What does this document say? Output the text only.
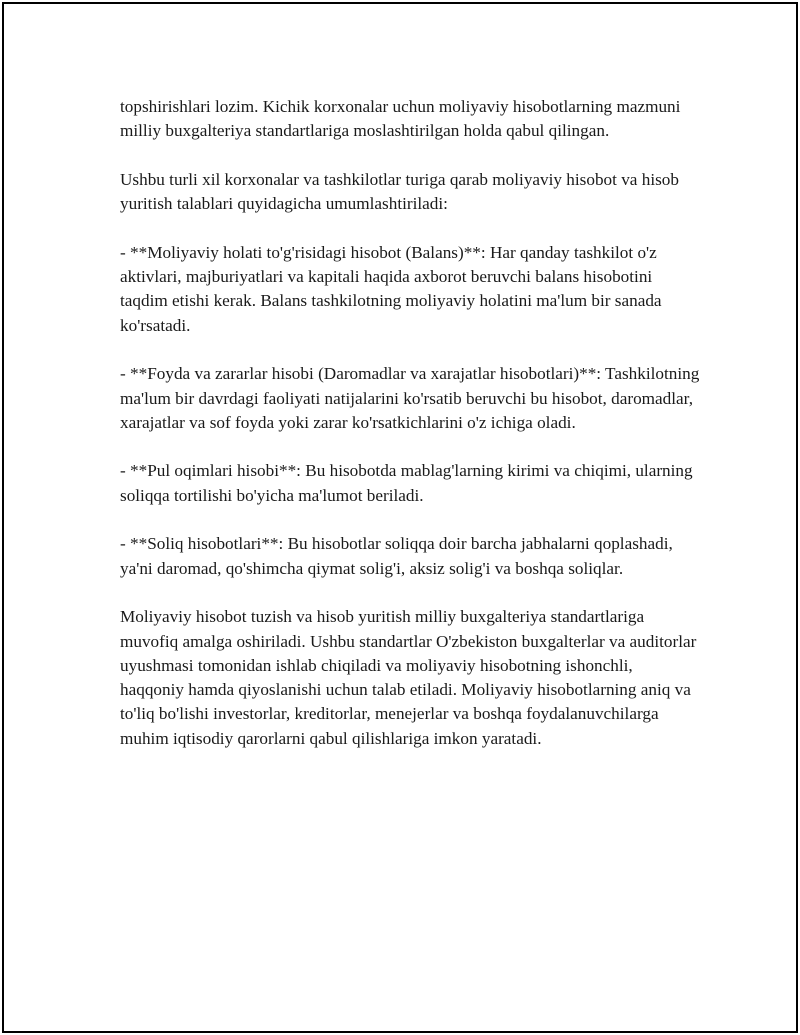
topshirishlari lozim. Kichik korxonalar uchun moliyaviy hisobotlarning mazmuni milliy buxgalteriya standartlariga moslashtirilgan holda qabul qilingan.

Ushbu turli xil korxonalar va tashkilotlar turiga qarab moliyaviy hisobot va hisob yuritish talablari quyidagicha umumlashtiriladi:

- **Moliyaviy holati to'g'risidagi hisobot (Balans)**: Har qanday tashkilot o'z aktivlari, majburiyatlari va kapitali haqida axborot beruvchi balans hisobotini taqdim etishi kerak. Balans tashkilotning moliyaviy holatini ma'lum bir sanada ko'rsatadi.

- **Foyda va zararlar hisobi (Daromadlar va xarajatlar hisobotlari)**: Tashkilotning ma'lum bir davrdagi faoliyati natijalarini ko'rsatib beruvchi bu hisobot, daromadlar, xarajatlar va sof foyda yoki zarar ko'rsatkichlarini o'z ichiga oladi.

- **Pul oqimlari hisobi**: Bu hisobotda mablag'larning kirimi va chiqimi, ularning soliqqa tortilishi bo'yicha ma'lumot beriladi.

- **Soliq hisobotlari**: Bu hisobotlar soliqqa doir barcha jabhalarni qoplashadi, ya'ni daromad, qo'shimcha qiymat solig'i, aksiz solig'i va boshqa soliqlar.

Moliyaviy hisobot tuzish va hisob yuritish milliy buxgalteriya standartlariga muvofiq amalga oshiriladi. Ushbu standartlar O'zbekiston buxgalterlar va auditorlar uyushmasi tomonidan ishlab chiqiladi va moliyaviy hisobotning ishonchli, haqqoniy hamda qiyoslanishi uchun talab etiladi. Moliyaviy hisobotlarning aniq va to'liq bo'lishi investorlar, kreditorlar, menejerlar va boshqa foydalanuvchilarga muhim iqtisodiy qarorlarni qabul qilishlariga imkon yaratadi.
